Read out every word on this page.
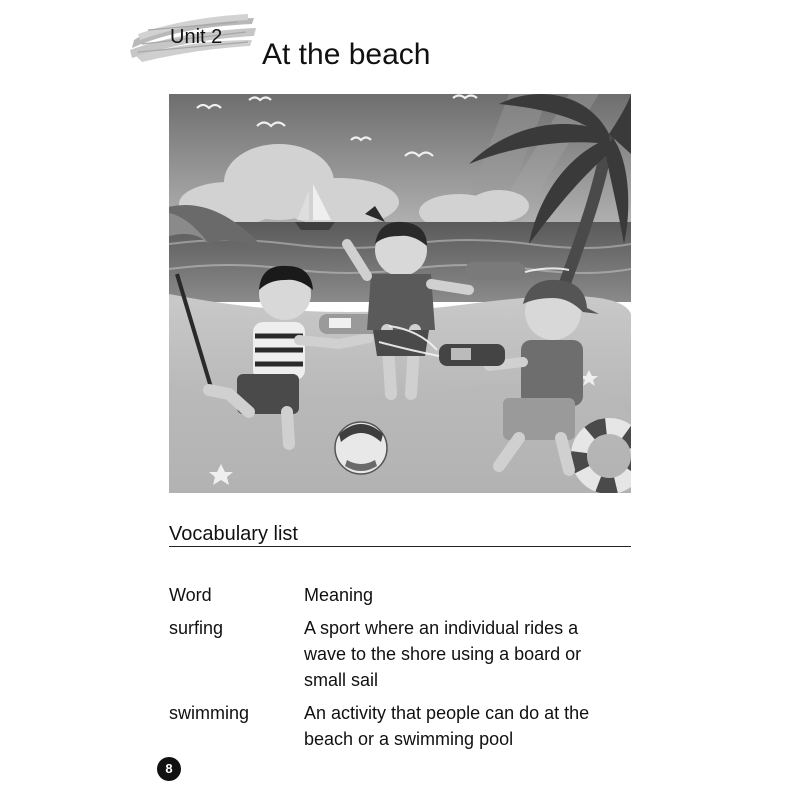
Unit 2
At the beach
Vocabulary list
Word	Meaning
surfing	A sport where an individual rides a wave to the shore using a board or small sail
swimming	An activity that people can do at the beach or a swimming pool
8
